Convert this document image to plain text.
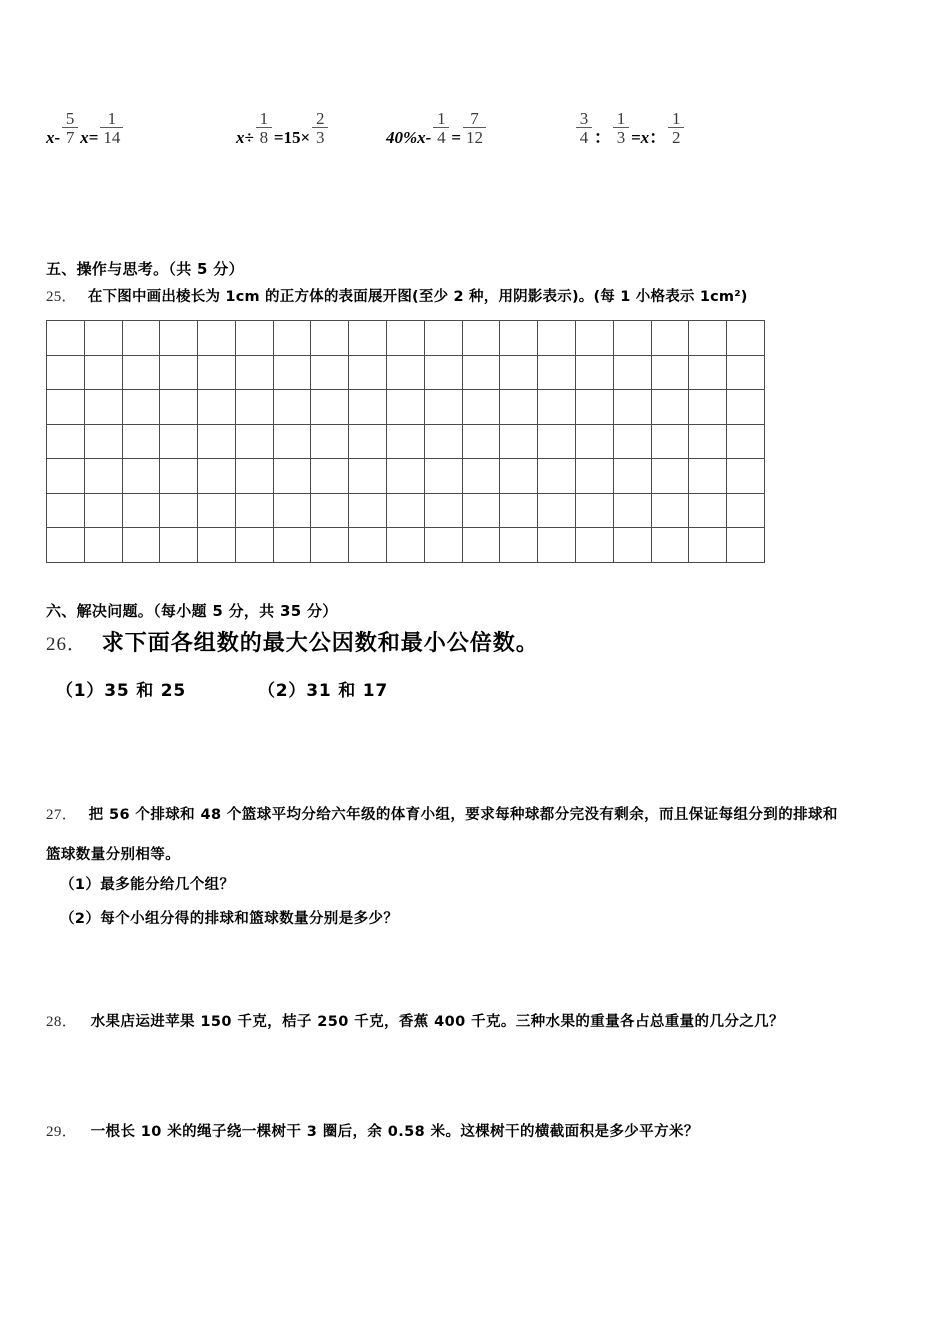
$x- \frac{5}{7} x= \frac{1}{14}$	$x\div \frac{1}{8} =15\times \frac{2}{3}$	$40\%x- \frac{1}{4} = \frac{7}{12}$	$\frac{3}{4}$ ： $\frac{1}{3} =x$ ： $\frac{1}{2}$
五、操作与思考。（共 5 分）
25． 在下图中画出棱长为 1cm 的正方体的表面展开图(至少 2 种，用阴影表示)。(每 1 小格表示 1cm²)

六、解决问题。（每小题 5 分，共 35 分）
26． 求下面各组数的最大公因数和最小公倍数。
（1）35 和 25	（2）31 和 17
27． 把 56 个排球和 48 个篮球平均分给六年级的体育小组，要求每种球都分完没有剩余，而且保证每组分到的排球和
篮球数量分别相等。
（1）最多能分给几个组？
（2）每个小组分得的排球和篮球数量分别是多少？
28． 水果店运进苹果 150 千克，桔子 250 千克，香蕉 400 千克。三种水果的重量各占总重量的几分之几？
29． 一根长 10 米的绳子绕一棵树干 3 圈后，余 0.58 米。这棵树干的横截面积是多少平方米？
